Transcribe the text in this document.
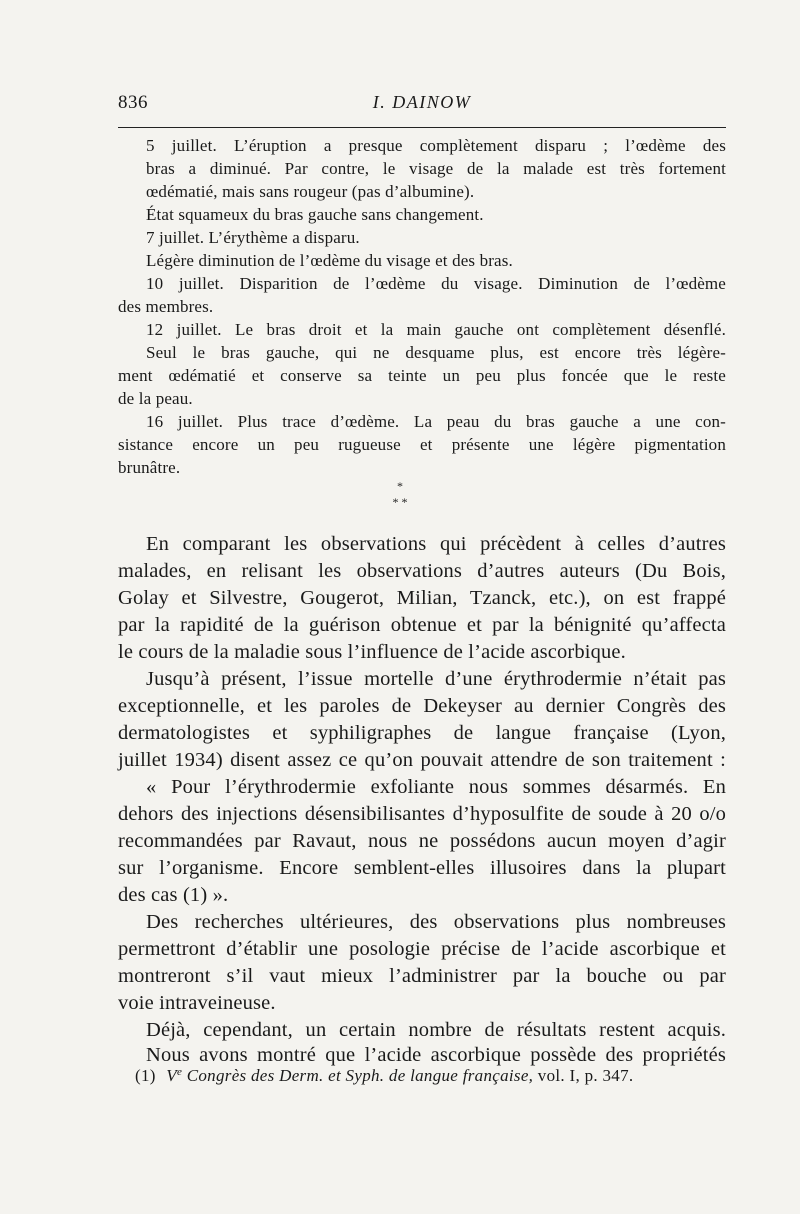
836	I. DAINOW
5 juillet. L’éruption a presque complètement disparu ; l’œdème des
bras a diminué. Par contre, le visage de la malade est très fortement
œdématié, mais sans rougeur (pas d’albumine).
État squameux du bras gauche sans changement.
7 juillet. L’érythème a disparu.
Légère diminution de l’œdème du visage et des bras.
10 juillet. Disparition de l’œdème du visage. Diminution de l’œdème
des membres.
12 juillet. Le bras droit et la main gauche ont complètement désenflé.
Seul le bras gauche, qui ne desquame plus, est encore très légère-
ment œdématié et conserve sa teinte un peu plus foncée que le reste
de la peau.
16 juillet. Plus trace d’œdème. La peau du bras gauche a une con-
sistance encore un peu rugueuse et présente une légère pigmentation
brunâtre.
*
* *
En comparant les observations qui précèdent à celles d’autres
malades, en relisant les observations d’autres auteurs (Du Bois,
Golay et Silvestre, Gougerot, Milian, Tzanck, etc.), on est frappé
par la rapidité de la guérison obtenue et par la bénignité qu’affecta
le cours de la maladie sous l’influence de l’acide ascorbique.
Jusqu’à présent, l’issue mortelle d’une érythrodermie n’était pas
exceptionnelle, et les paroles de Dekeyser au dernier Congrès des
dermatologistes et syphiligraphes de langue française (Lyon,
juillet 1934) disent assez ce qu’on pouvait attendre de son traitement :
« Pour l’érythrodermie exfoliante nous sommes désarmés. En
dehors des injections désensibilisantes d’hyposulfite de soude à 20 o/o
recommandées par Ravaut, nous ne possédons aucun moyen d’agir
sur l’organisme. Encore semblent-elles illusoires dans la plupart
des cas (1) ».
Des recherches ultérieures, des observations plus nombreuses
permettront d’établir une posologie précise de l’acide ascorbique et
montreront s’il vaut mieux l’administrer par la bouche ou par
voie intraveineuse.
Déjà, cependant, un certain nombre de résultats restent acquis.
Nous avons montré que l’acide ascorbique possède des propriétés
(1) Ve Congrès des Derm. et Syph. de langue française, vol. I, p. 347.
